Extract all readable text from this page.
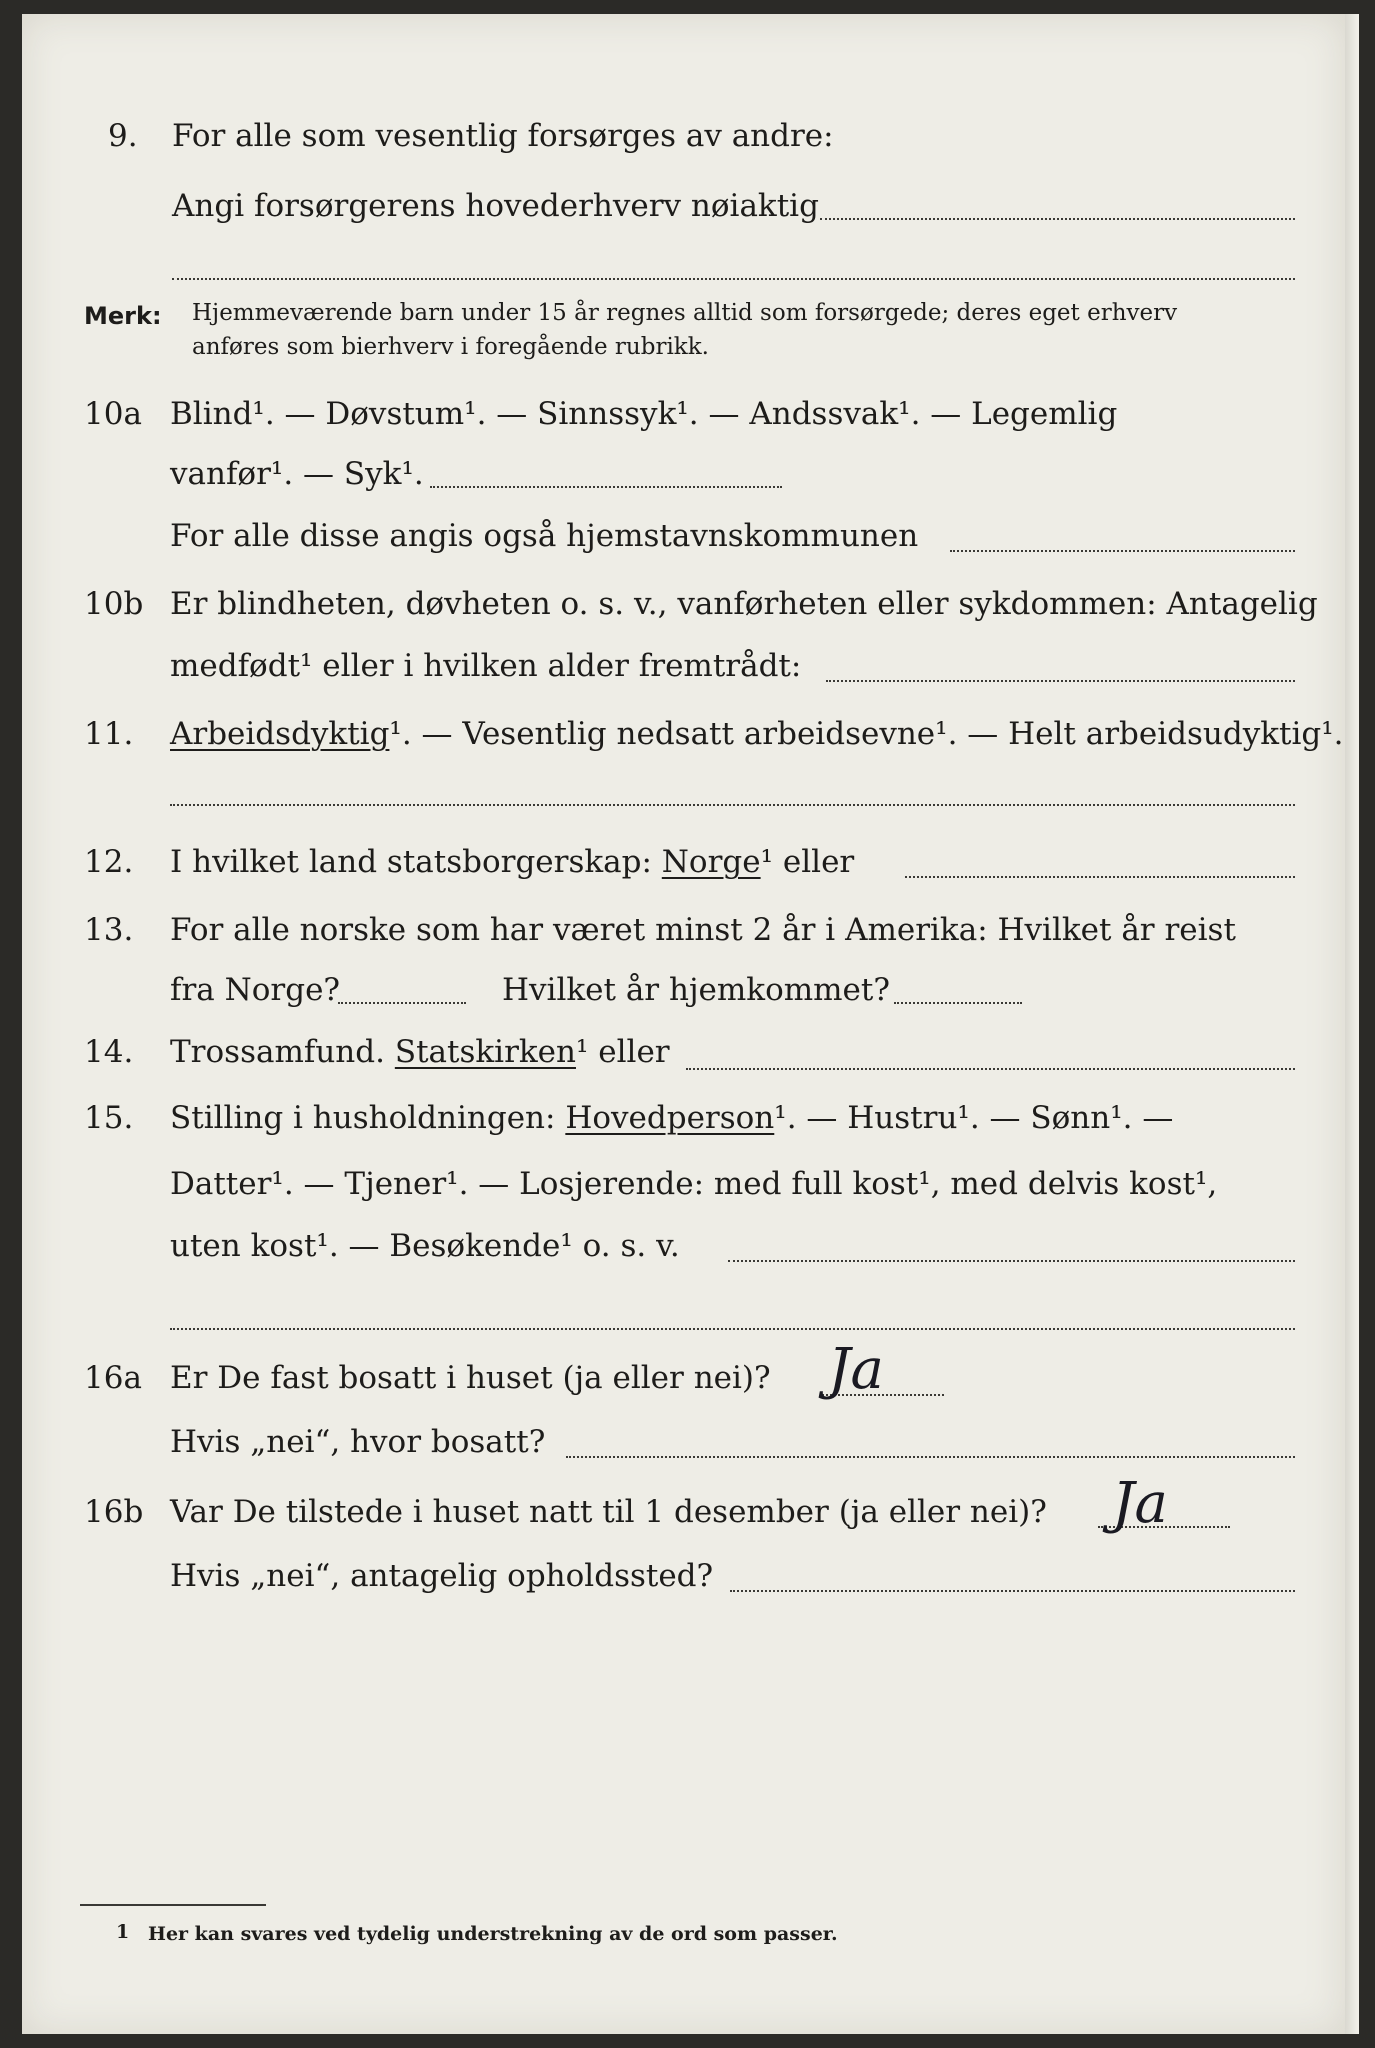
9. For alle som vesentlig forsørges av andre:
Angi forsørgerens hovederhverv nøiaktig
Merk: Hjemmeværende barn under 15 år regnes alltid som forsørgede; deres eget erhverv
anføres som bierhverv i foregående rubrikk.
10a Blind¹. — Døvstum¹. — Sinnssyk¹. — Andssvak¹. — Legemlig
vanfør¹. — Syk¹.
For alle disse angis også hjemstavnskommunen
10b Er blindheten, døvheten o. s. v., vanførheten eller sykdommen: Antagelig
medfødt¹ eller i hvilken alder fremtrådt:
11. Arbeidsdyktig¹. — Vesentlig nedsatt arbeidsevne¹. — Helt arbeidsudyktig¹.
12. I hvilket land statsborgerskap: Norge¹ eller
13. For alle norske som har været minst 2 år i Amerika: Hvilket år reist
fra Norge?	Hvilket år hjemkommet?
14. Trossamfund. Statskirken¹ eller
15. Stilling i husholdningen: Hovedperson¹. — Hustru¹. — Sønn¹. —
Datter¹. — Tjener¹. — Losjerende: med full kost¹, med delvis kost¹,
uten kost¹. — Besøkende¹ o. s. v.
16a Er De fast bosatt i huset (ja eller nei)? Ja
Hvis „nei“, hvor bosatt?
16b Var De tilstede i huset natt til 1 desember (ja eller nei)? Ja
Hvis „nei“, antagelig opholdssted?
1 Her kan svares ved tydelig understrekning av de ord som passer.
